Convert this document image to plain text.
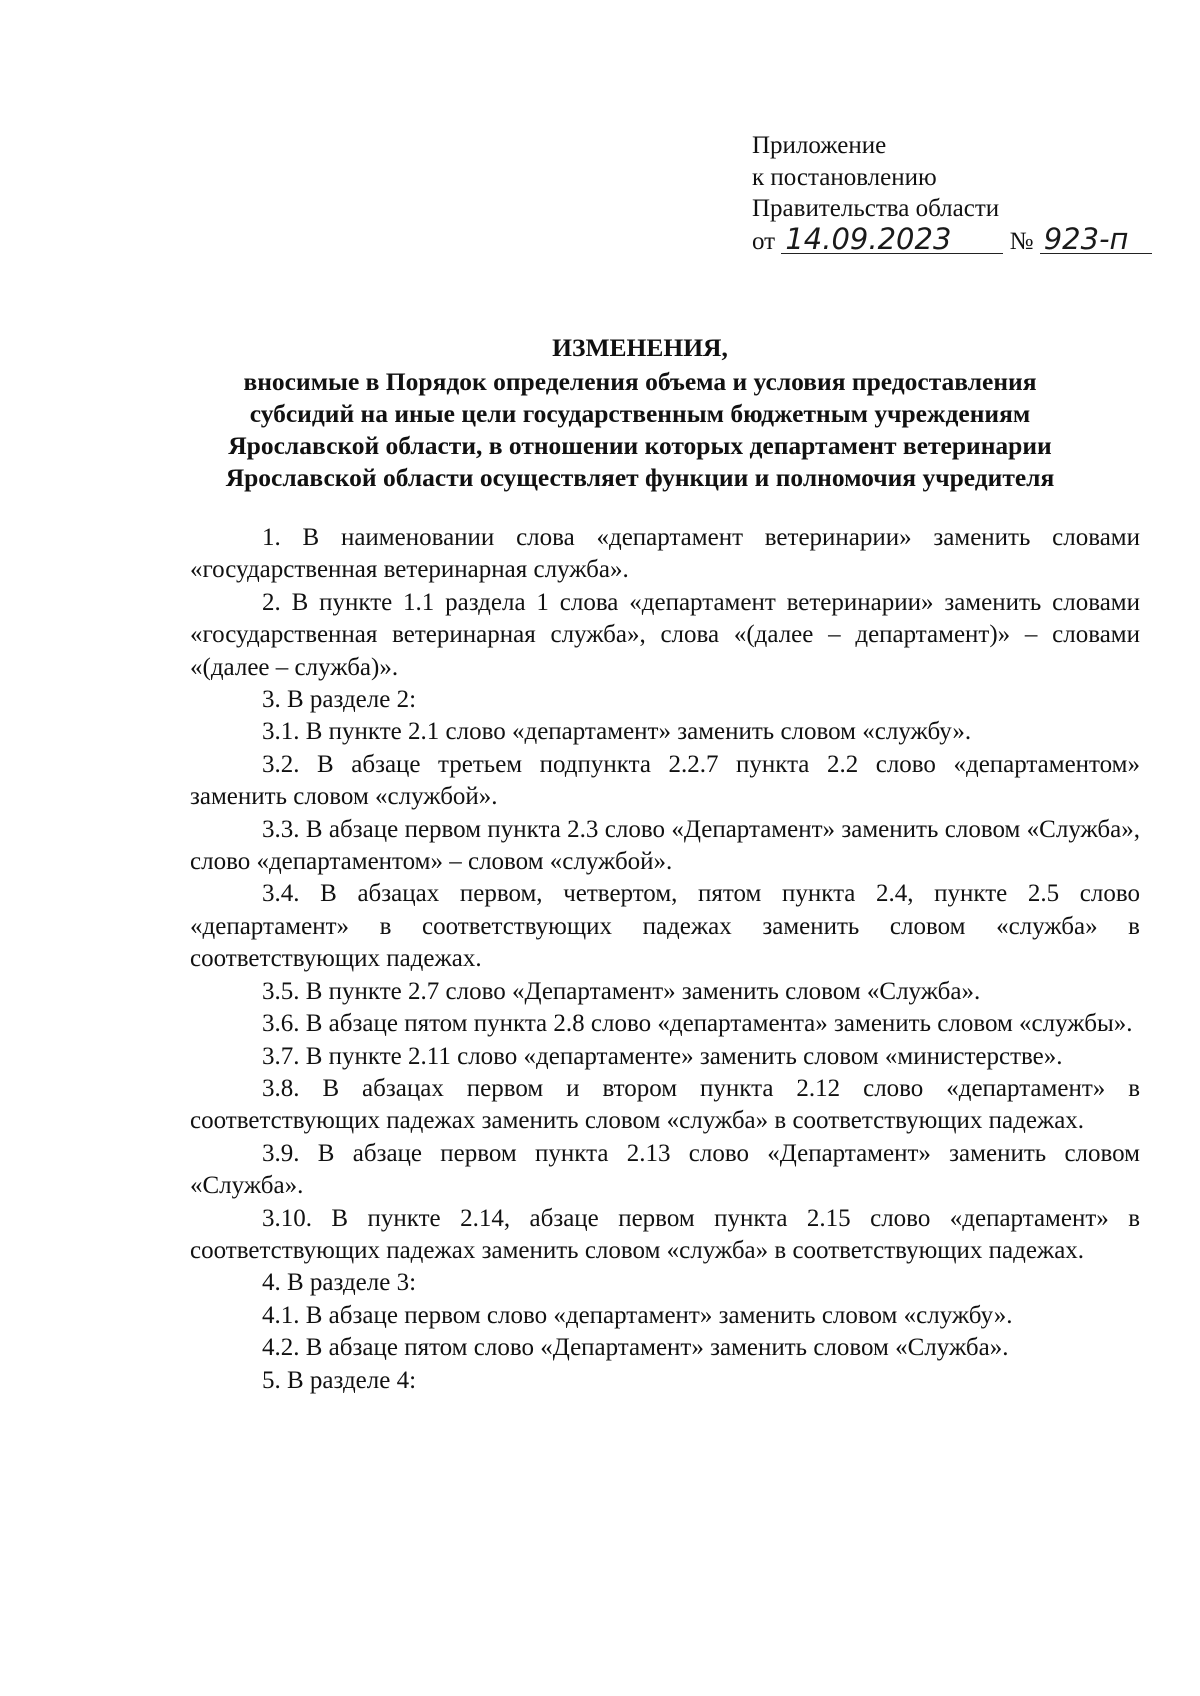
Приложение
к постановлению
Правительства области
от 14.09.2023 № 923-п
ИЗМЕНЕНИЯ,
вносимые в Порядок определения объема и условия предоставления
субсидий на иные цели государственным бюджетным учреждениям
Ярославской области, в отношении которых департамент ветеринарии
Ярославской области осуществляет функции и полномочия учредителя

1. В наименовании слова «департамент ветеринарии» заменить словами «государственная ветеринарная служба».

2. В пункте 1.1 раздела 1 слова «департамент ветеринарии» заменить словами «государственная ветеринарная служба», слова «(далее – департамент)» – словами «(далее – служба)».

3. В разделе 2:

3.1. В пункте 2.1 слово «департамент» заменить словом «службу».

3.2. В абзаце третьем подпункта 2.2.7 пункта 2.2 слово «департаментом» заменить словом «службой».

3.3. В абзаце первом пункта 2.3 слово «Департамент» заменить словом «Служба», слово «департаментом» – словом «службой».

3.4. В абзацах первом, четвертом, пятом пункта 2.4, пункте 2.5 слово «департамент» в соответствующих падежах заменить словом «служба» в соответствующих падежах.

3.5. В пункте 2.7 слово «Департамент» заменить словом «Служба».

3.6. В абзаце пятом пункта 2.8 слово «департамента» заменить словом «службы».

3.7. В пункте 2.11 слово «департаменте» заменить словом «министерстве».

3.8. В абзацах первом и втором пункта 2.12 слово «департамент» в соответствующих падежах заменить словом «служба» в соответствующих падежах.

3.9. В абзаце первом пункта 2.13 слово «Департамент» заменить словом «Служба».

3.10. В пункте 2.14, абзаце первом пункта 2.15 слово «департамент» в соответствующих падежах заменить словом «служба» в соответствующих падежах.

4. В разделе 3:

4.1. В абзаце первом слово «департамент» заменить словом «службу».

4.2. В абзаце пятом слово «Департамент» заменить словом «Служба».

5. В разделе 4:
